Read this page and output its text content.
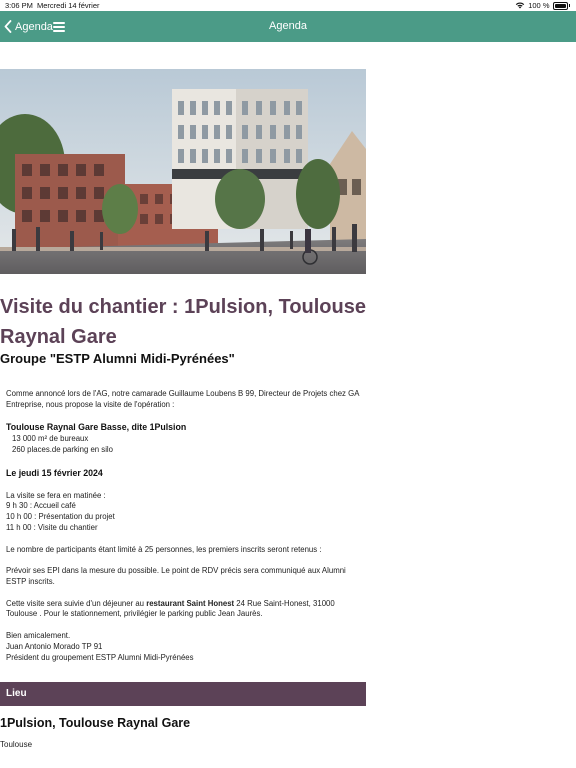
3:06 PM Mercredi 14 février	100 %
Agenda	Agenda
Visite du chantier : 1Pulsion, Toulouse Raynal Gare
Groupe "ESTP Alumni Midi-Pyrénées"

Comme annoncé lors de l'AG, notre camarade Guillaume Loubens B 99, Directeur de Projets chez GA Entreprise, nous propose la visite de l'opération :

Toulouse Raynal Gare Basse, dite 1Pulsion

13 000 m² de bureaux

260 places.de parking en silo

Le jeudi 15 février 2024

La visite se fera en matinée :

9 h 30 : Accueil café

10 h 00 : Présentation du projet

11 h 00 : Visite du chantier

Le nombre de participants étant limité à 25 personnes, les premiers inscrits seront retenus :

Prévoir ses EPI dans la mesure du possible. Le point de RDV précis sera communiqué aux Alumni ESTP inscrits.

Cette visite sera suivie d'un déjeuner au restaurant Saint Honest 24 Rue Saint-Honest, 31000 Toulouse . Pour le stationnement, privilégier le parking public Jean Jaurès.

Bien amicalement.

Juan Antonio Morado TP 91

Président du groupement ESTP Alumni Midi-Pyrénées

Lieu
1Pulsion, Toulouse Raynal Gare
Toulouse
